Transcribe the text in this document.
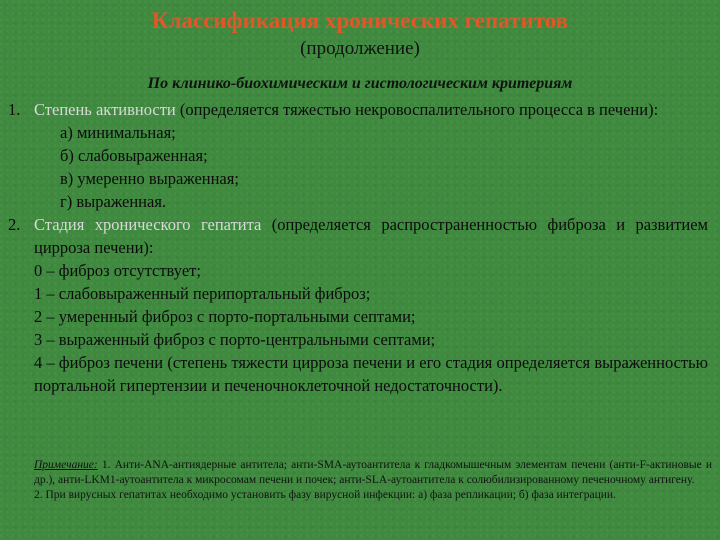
Классификация хронических гепатитов
(продолжение)
По клинико-биохимическим и гистологическим критериям
1. Степень активности (определяется тяжестью некровоспалительного процесса в печени):
а) минимальная;
б) слабовыраженная;
в) умеренно выраженная;
г) выраженная.
2. Стадия хронического гепатита (определяется распространенностью фиброза и развитием цирроза печени):
0 – фиброз отсутствует;
1 – слабовыраженный перипортальный фиброз;
2 – умеренный фиброз с порто-портальными септами;
3 – выраженный фиброз с порто-центральными септами;
4 – фиброз печени (степень тяжести цирроза печени и его стадия определяется выраженностью портальной гипертензии и печеночноклеточной недостаточности).

Примечание: 1. Анти-ANA-антиядерные антитела; анти-SMA-аутоантитела к гладкомышечным элементам печени (анти-F-актиновые и др.), анти-LKM1-аутоантитела к микросомам печени и почек; анти-SLA-аутоантитела к солюбилизированному печеночному антигену.

2. При вирусных гепатитах необходимо установить фазу вирусной инфекции: а) фаза репликации; б) фаза интеграции.
